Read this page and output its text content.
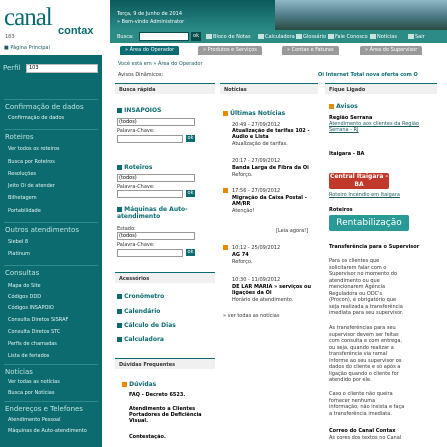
canal contax
183
■ Página Principal
Terça, 9 de Junho de 2014
» Bem-vindo Administrator
Busca:	ok	Bloco de Notas	Calculadora	Glossário	Fale Conosco	Notícias	Sair
» Área do Operador	» Produtos e Serviços	» Contas e Faturas	» Área do Supervisor
Perfil	103
Confirmação de dados
Confirmação de dados
Roteiros
Ver todos os roteiros
Busca por Roteiros
Resoluções
Jeito Oi de atender
Bilhetagem
Portabilidade
Outros atendimentos
Siebel 8
Platinum
Consultas
Mapa do Site
Códigos DDD
Códigos INSAPOIO
Consulta Diretos SISRAF
Consulta Diretos STC
Perfis de chamadas
Lista de feriados
Notícias
Ver todas as notícias
Busca por Notícias
Endereços e Telefones
Atendimento Pessoal
Máquinas de Auto-atendimento
Você está em » Área do Operador
Avisos Dinâmicos:	Oi Internet Total nova oferta com O
Busca rápida
INSAPOIOS
(todos)
Palavra-Chave:
ok
Roteiros
(todos)
Palavra-Chave:
ok
Máquinas de Auto-atendimento
Estado:
(todos)
Palavra-Chave:
ok
Acessórios
Cronômetro
Calendário
Cálculo de Dias
Calculadora
Dúvidas Frequentes
Dúvidas
FAQ - Decreto 6523.
Atendimento a Clientes Portadores de Deficiência Visual.
Contestação.
Notícias
Últimas Notícias
20:49 - 27/09/2012
Atualização de tarifas 102 - Audio e Lista
Atualização de tarifas.
20:17 - 27/09/2012
Banda Larga de Fibra da Oi
Reforço.
17:56 - 27/09/2012
Migração da Caixa Postal - AM/RR
Atenção!
[Leia agora!]
10:12 - 25/09/2012
AG 74
Reforço.
10:30 - 11/09/2012
DE LAR MARIA » serviços ou ligações da Oi
Horário de atendimento.
» ver todas as notícias
Fique Ligado
Avisos
Região Serrana
Atendimento aos clientes da Região Serrana - RJ
Itaigara - BA
Central Itaigara - BA
Roteiro Incêndio em Itaigara
Roteiros
Rentabilização
Transferência para o Supervisor
Para os clientes que
solicitarem falar com o
Supervisor no momento do
atendimento ou que
mencionarem Agência
Reguladora ou ODC's
(Procon), é obrigatório que
seja realizada a transferência
imediata para seu supervisor.
As transferências para seu
supervisor devem ser feitas
com consulta e com entrega,
ou seja, quando realizar a
transferência via ramal
informe ao seu supervisor os
dados do cliente e só após a
ligação quando o cliente for
atendido por ele.
Caso o cliente não queira
fornecer nenhuma
informação, não insista e faça
a transferência imediata.
Correo do Canal Contax
As cores dos textos no Canal
